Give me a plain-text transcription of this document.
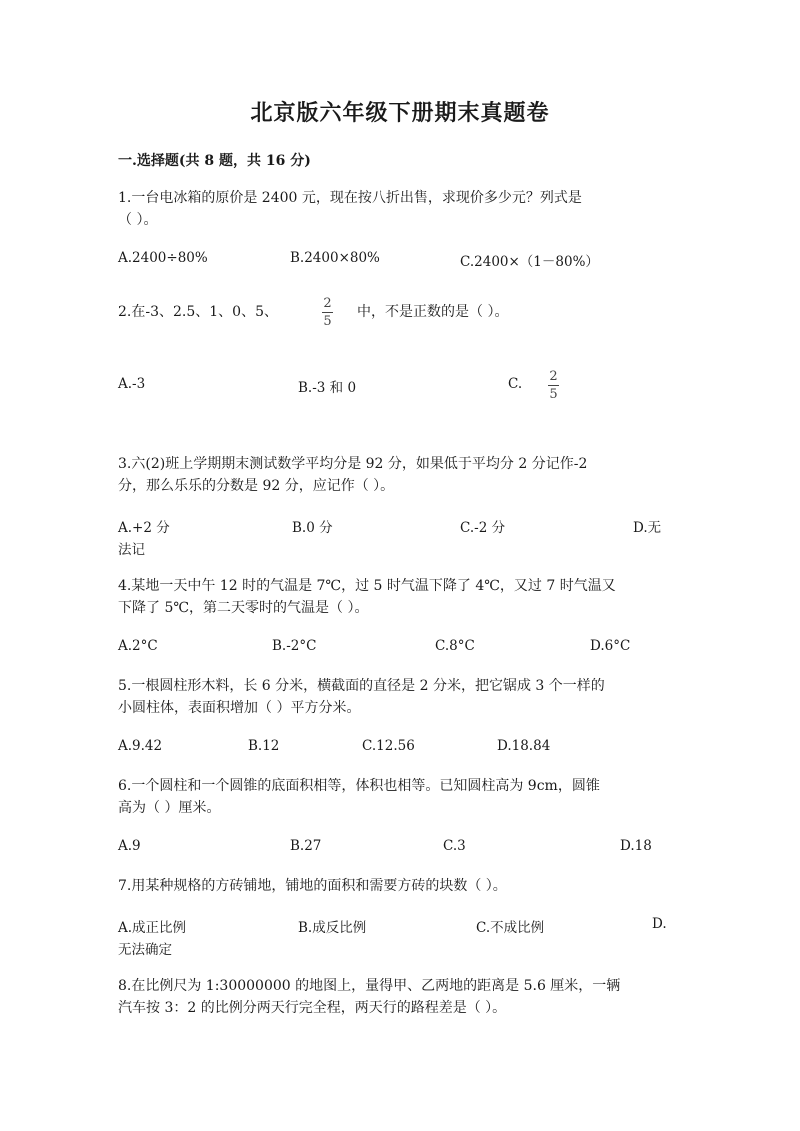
北京版六年级下册期末真题卷
一.选择题(共 8 题，共 16 分)
1.一台电冰箱的原价是 2400 元，现在按八折出售，求现价多少元？列式是
（ ）。
A.2400÷80%	B.2400×80%	C.2400×（1－80%）
2.在-3、2.5、1、0、5、
2
5
中，不是正数的是（ ）。
A.-3	B.-3 和 0	C. 2
5
3.六(2)班上学期期末测试数学平均分是 92 分，如果低于平均分 2 分记作-2
分，那么乐乐的分数是 92 分，应记作（ ）。
A.+2 分	B.0 分	C.-2 分	D.无
法记
4.某地一天中午 12 时的气温是 7℃，过 5 时气温下降了 4℃，又过 7 时气温又
下降了 5℃，第二天零时的气温是（ ）。
A.2°C	B.-2°C	C.8°C	D.6°C
5.一根圆柱形木料，长 6 分米，横截面的直径是 2 分米，把它锯成 3 个一样的
小圆柱体，表面积增加（ ）平方分米。
A.9.42	B.12	C.12.56	D.18.84
6.一个圆柱和一个圆锥的底面积相等，体积也相等。已知圆柱高为 9cm，圆锥
高为（ ）厘米。
A.9	B.27	C.3	D.18
7.用某种规格的方砖铺地，铺地的面积和需要方砖的块数（ ）。
A.成正比例	B.成反比例	C.不成比例	D.
无法确定
8.在比例尺为 1:30000000 的地图上，量得甲、乙两地的距离是 5.6 厘米，一辆
汽车按 3：2 的比例分两天行完全程，两天行的路程差是（ ）。
